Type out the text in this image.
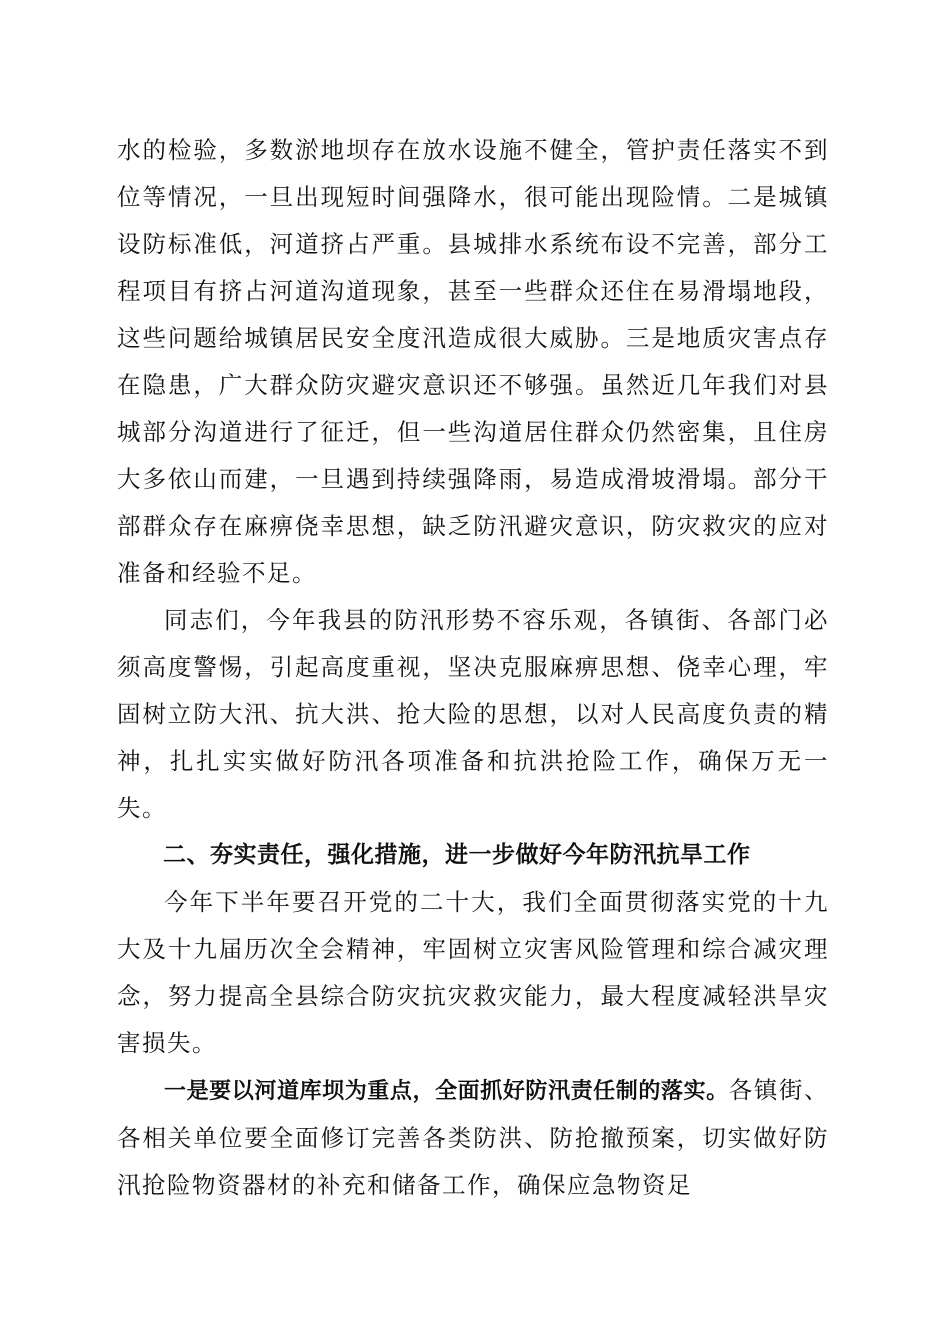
水的检验，多数淤地坝存在放水设施不健全，管护责任落实不到位等情况，一旦出现短时间强降水，很可能出现险情。二是城镇设防标准低，河道挤占严重。县城排水系统布设不完善，部分工程项目有挤占河道沟道现象，甚至一些群众还住在易滑塌地段，这些问题给城镇居民安全度汛造成很大威胁。三是地质灾害点存在隐患，广大群众防灾避灾意识还不够强。虽然近几年我们对县城部分沟道进行了征迁，但一些沟道居住群众仍然密集，且住房大多依山而建，一旦遇到持续强降雨，易造成滑坡滑塌。部分干部群众存在麻痹侥幸思想，缺乏防汛避灾意识，防灾救灾的应对准备和经验不足。

同志们，今年我县的防汛形势不容乐观，各镇街、各部门必须高度警惕，引起高度重视，坚决克服麻痹思想、侥幸心理，牢固树立防大汛、抗大洪、抢大险的思想，以对人民高度负责的精神，扎扎实实做好防汛各项准备和抗洪抢险工作，确保万无一失。

二、夯实责任，强化措施，进一步做好今年防汛抗旱工作

今年下半年要召开党的二十大，我们全面贯彻落实党的十九大及十九届历次全会精神，牢固树立灾害风险管理和综合减灾理念，努力提高全县综合防灾抗灾救灾能力，最大程度减轻洪旱灾害损失。

一是要以河道库坝为重点，全面抓好防汛责任制的落实。各镇街、各相关单位要全面修订完善各类防洪、防抢撤预案，切实做好防汛抢险物资器材的补充和储备工作，确保应急物资足
